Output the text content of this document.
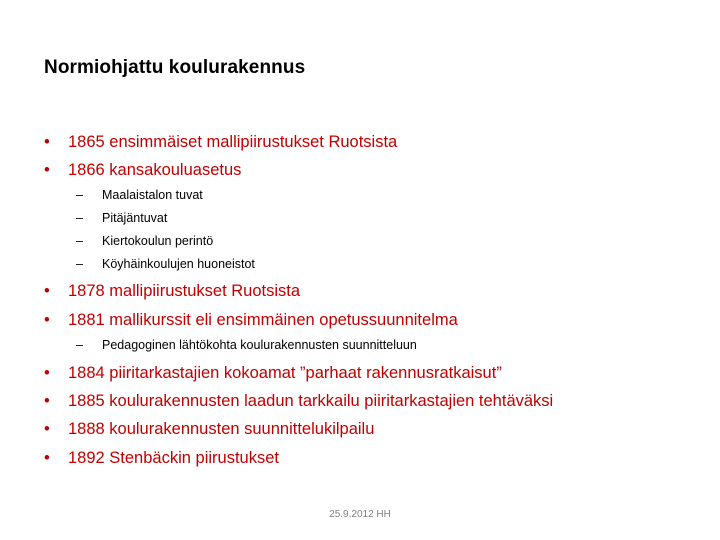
Normiohjattu koulurakennus
• 1865 ensimmäiset mallipiirustukset Ruotsista
• 1866 kansakouluasetus
– Maalaistalon tuvat
– Pitäjäntuvat
– Kiertokoulun perintö
– Köyhäinkoulujen huoneistot
• 1878 mallipiirustukset Ruotsista
• 1881 mallikurssit eli ensimmäinen opetussuunnitelma
– Pedagoginen lähtökohta koulurakennusten suunnitteluun
• 1884 piiritarkastajien kokoamat ”parhaat rakennusratkaisut”
• 1885 koulurakennusten laadun tarkkailu piiritarkastajien tehtäväksi
• 1888 koulurakennusten suunnittelukilpailu
• 1892 Stenbäckin piirustukset
25.9.2012 HH
